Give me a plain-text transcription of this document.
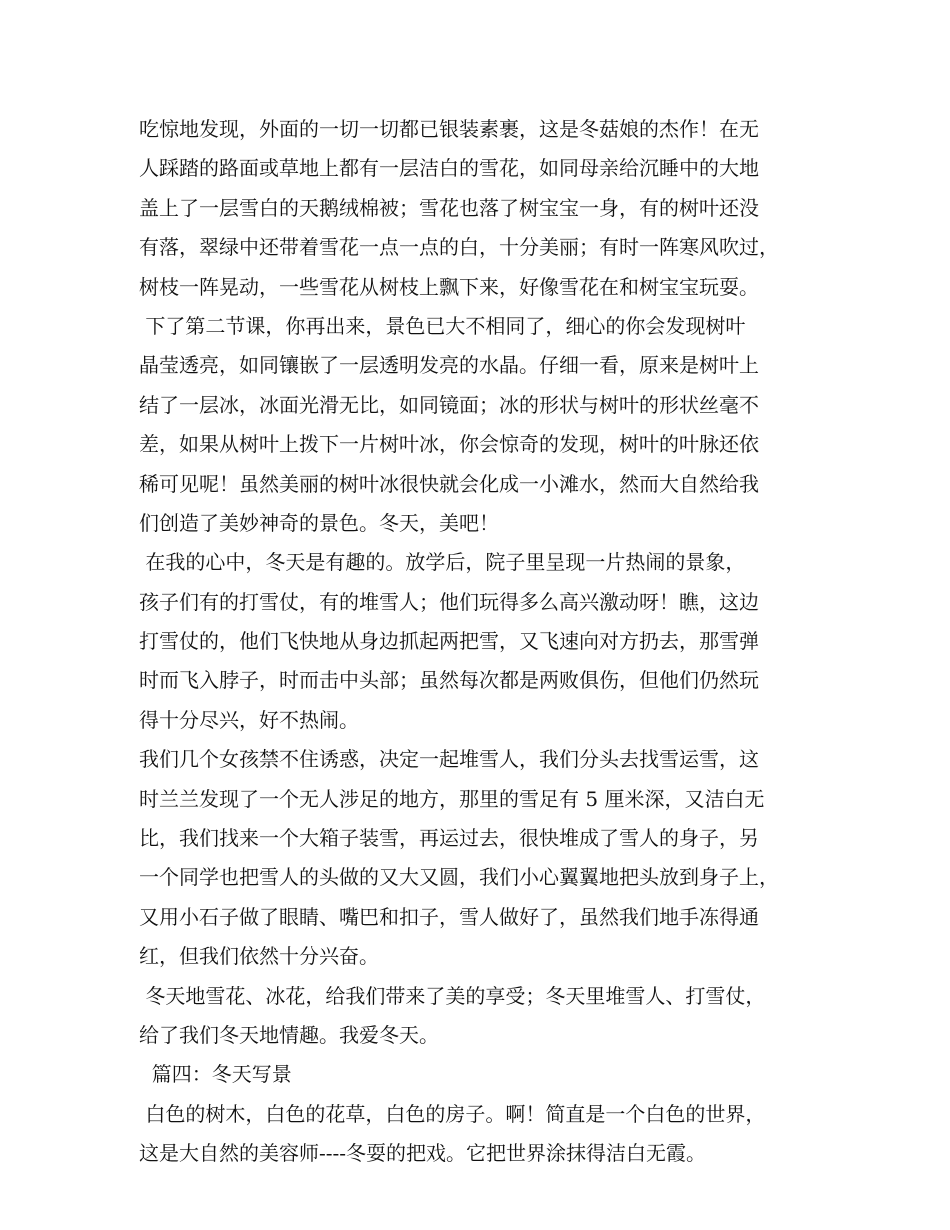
吃惊地发现，外面的一切一切都已银装素裹，这是冬菇娘的杰作！在无
人踩踏的路面或草地上都有一层洁白的雪花，如同母亲给沉睡中的大地
盖上了一层雪白的天鹅绒棉被；雪花也落了树宝宝一身，有的树叶还没
有落，翠绿中还带着雪花一点一点的白，十分美丽；有时一阵寒风吹过，
树枝一阵晃动，一些雪花从树枝上飘下来，好像雪花在和树宝宝玩耍。
下了第二节课，你再出来，景色已大不相同了，细心的你会发现树叶
晶莹透亮，如同镶嵌了一层透明发亮的水晶。仔细一看，原来是树叶上
结了一层冰，冰面光滑无比，如同镜面；冰的形状与树叶的形状丝毫不
差，如果从树叶上拨下一片树叶冰，你会惊奇的发现，树叶的叶脉还依
稀可见呢！虽然美丽的树叶冰很快就会化成一小滩水，然而大自然给我
们创造了美妙神奇的景色。冬天，美吧！
在我的心中，冬天是有趣的。放学后，院子里呈现一片热闹的景象，
孩子们有的打雪仗，有的堆雪人；他们玩得多么高兴激动呀！瞧，这边
打雪仗的，他们飞快地从身边抓起两把雪，又飞速向对方扔去，那雪弹
时而飞入脖子，时而击中头部；虽然每次都是两败俱伤，但他们仍然玩
得十分尽兴，好不热闹。
我们几个女孩禁不住诱惑，决定一起堆雪人，我们分头去找雪运雪，这
时兰兰发现了一个无人涉足的地方，那里的雪足有 5 厘米深，又洁白无
比，我们找来一个大箱子装雪，再运过去，很快堆成了雪人的身子，另
一个同学也把雪人的头做的又大又圆，我们小心翼翼地把头放到身子上，
又用小石子做了眼睛、嘴巴和扣子，雪人做好了，虽然我们地手冻得通
红，但我们依然十分兴奋。
冬天地雪花、冰花，给我们带来了美的享受；冬天里堆雪人、打雪仗，
给了我们冬天地情趣。我爱冬天。
篇四：冬天写景
白色的树木，白色的花草，白色的房子。啊！简直是一个白色的世界，
这是大自然的美容师----冬耍的把戏。它把世界涂抹得洁白无霞。
